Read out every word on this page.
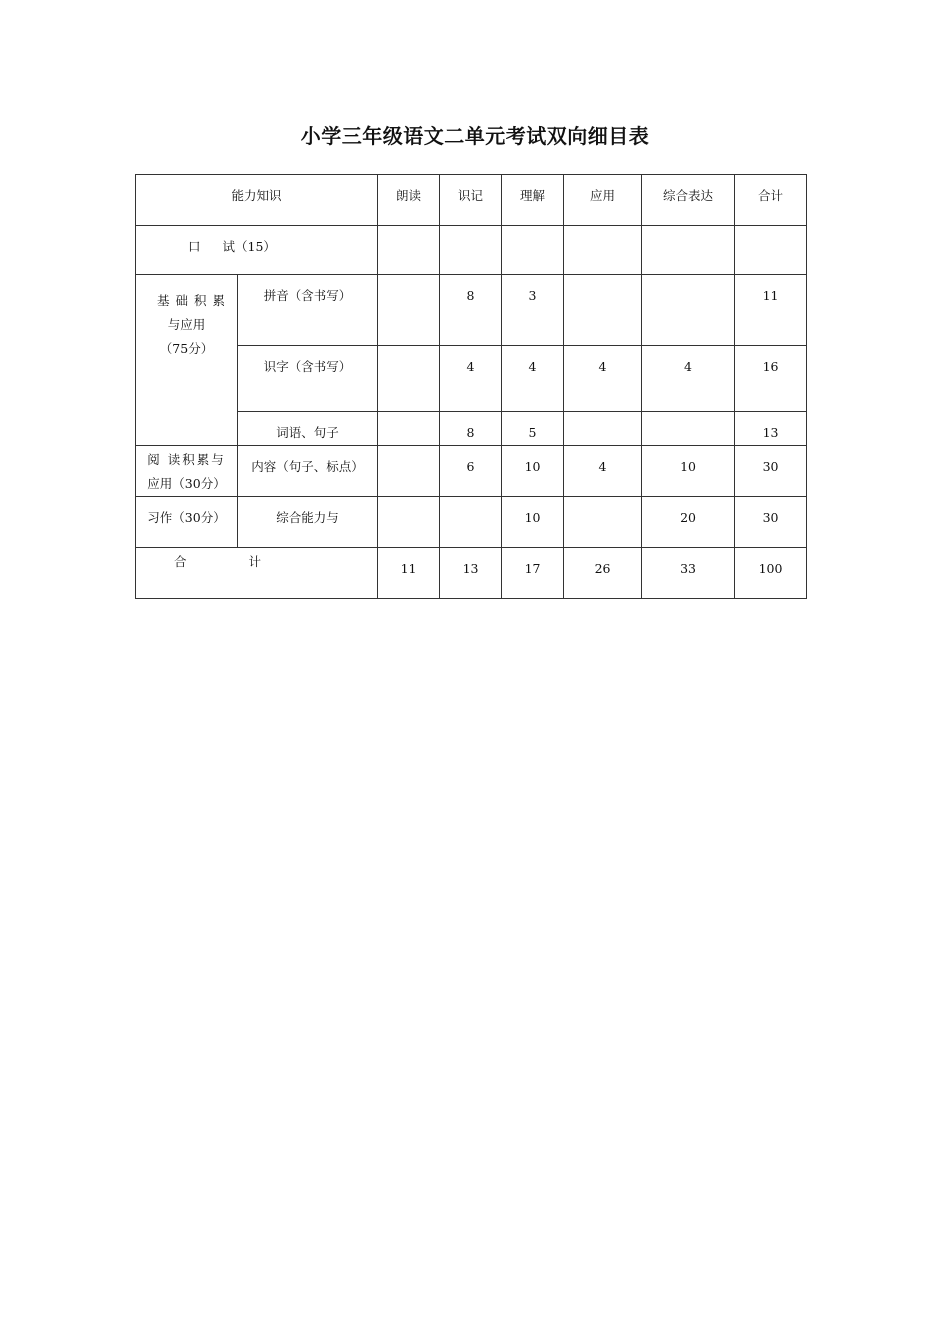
小学三年级语文二单元考试双向细目表
能力知识		朗读	识记	理解	应用	综合表达	合计
口 试（15）							

基础积累
与应用
（75分）	拼音（含书写）		8	3			11
	识字（含书写）		4	4	4	4	16
	词语、句子		8	5			13

阅 读积累与
应用（30分）	内容（句子、标点）		6	10	4	10	30
习作（30分）	综合能力与			10		20	30
合 计		11	13	17	26	33	100
